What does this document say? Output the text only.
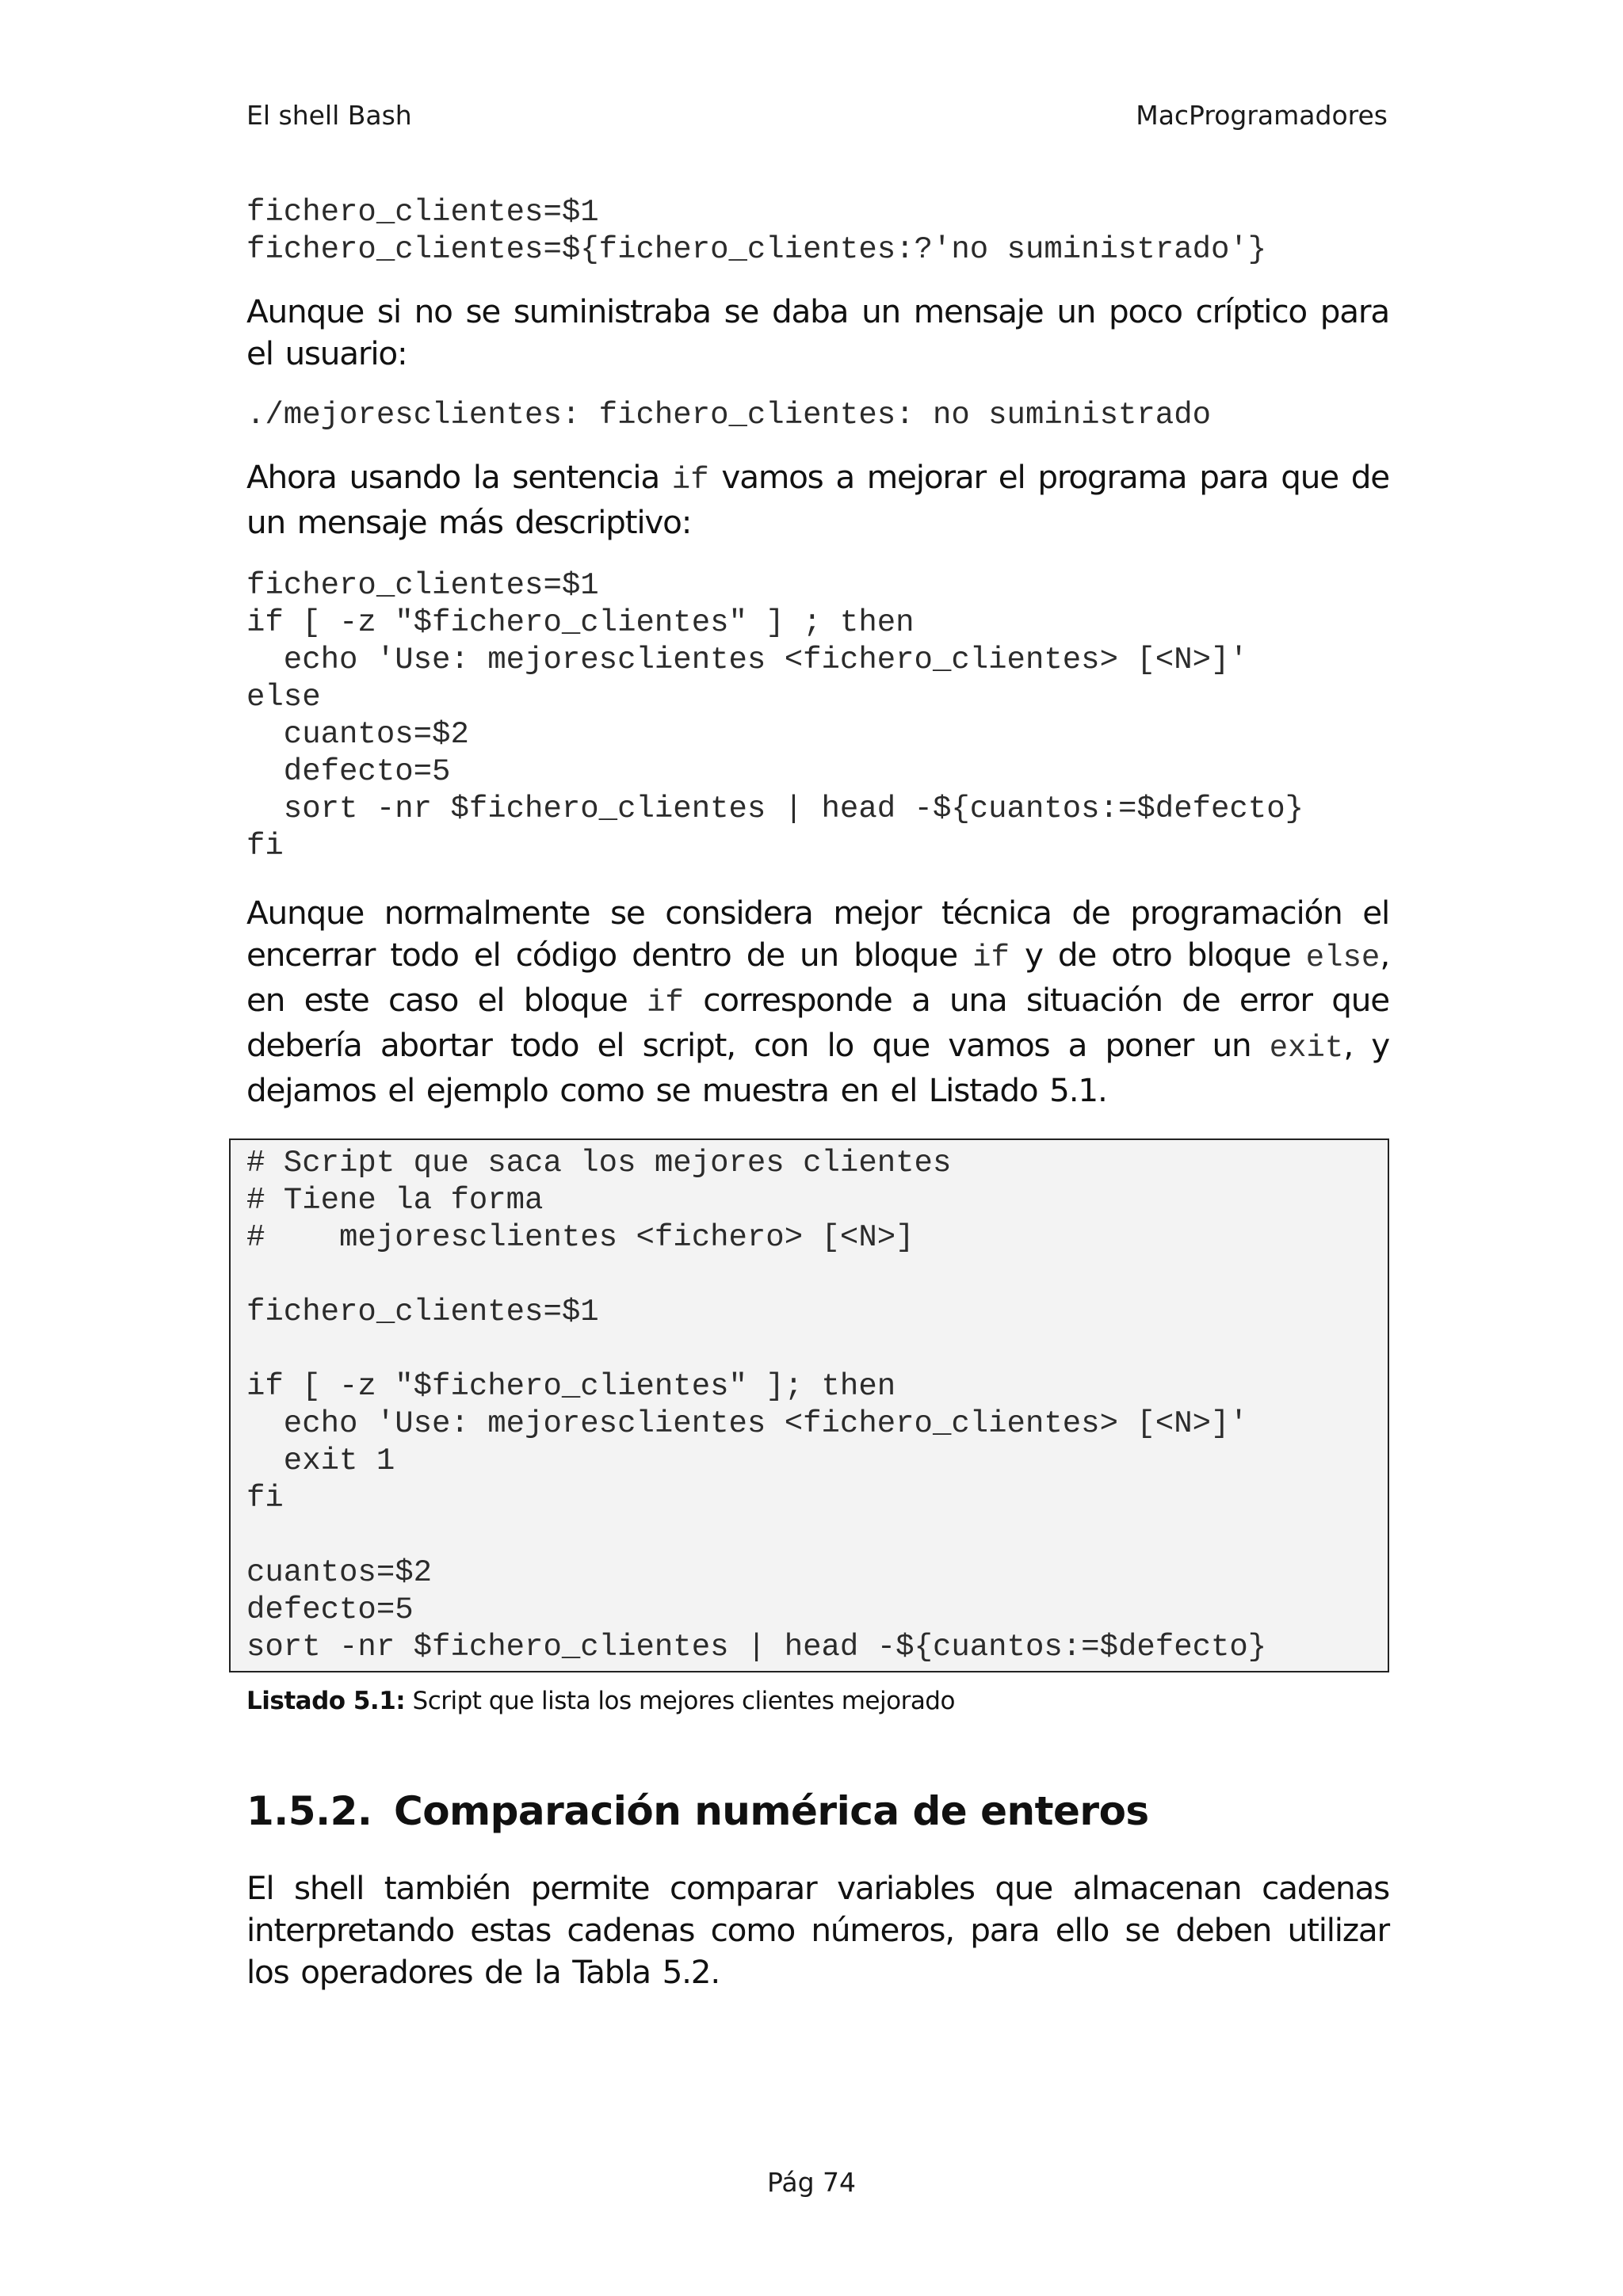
El shell Bash	MacProgramadores
fichero_clientes=$1
fichero_clientes=${fichero_clientes:?'no suministrado'}

Aunque si no se suministraba se daba un mensaje un poco críptico para el usuario:

./mejoresclientes: fichero_clientes: no suministrado

Ahora usando la sentencia if vamos a mejorar el programa para que de un mensaje más descriptivo:

fichero_clientes=$1
if [ -z "$fichero_clientes" ] ; then
echo 'Use: mejoresclientes <fichero_clientes> [<N>]'
else
cuantos=$2
defecto=5
sort -nr $fichero_clientes | head -${cuantos:=$defecto}
fi

Aunque normalmente se considera mejor técnica de programación el encerrar todo el código dentro de un bloque if y de otro bloque else, en este caso el bloque if corresponde a una situación de error que debería abortar todo el script, con lo que vamos a poner un exit, y dejamos el ejemplo como se muestra en el Listado 5.1.

# Script que saca los mejores clientes
# Tiene la forma
#    mejoresclientes <fichero> [<N>]

fichero_clientes=$1

if [ -z "$fichero_clientes" ]; then
echo 'Use: mejoresclientes <fichero_clientes> [<N>]'
exit 1
fi

cuantos=$2
defecto=5
sort -nr $fichero_clientes | head -${cuantos:=$defecto}
Listado 5.1: Script que lista los mejores clientes mejorado
1.5.2. Comparación numérica de enteros

El shell también permite comparar variables que almacenan cadenas interpretando estas cadenas como números, para ello se deben utilizar los operadores de la Tabla 5.2.

Pág 74
